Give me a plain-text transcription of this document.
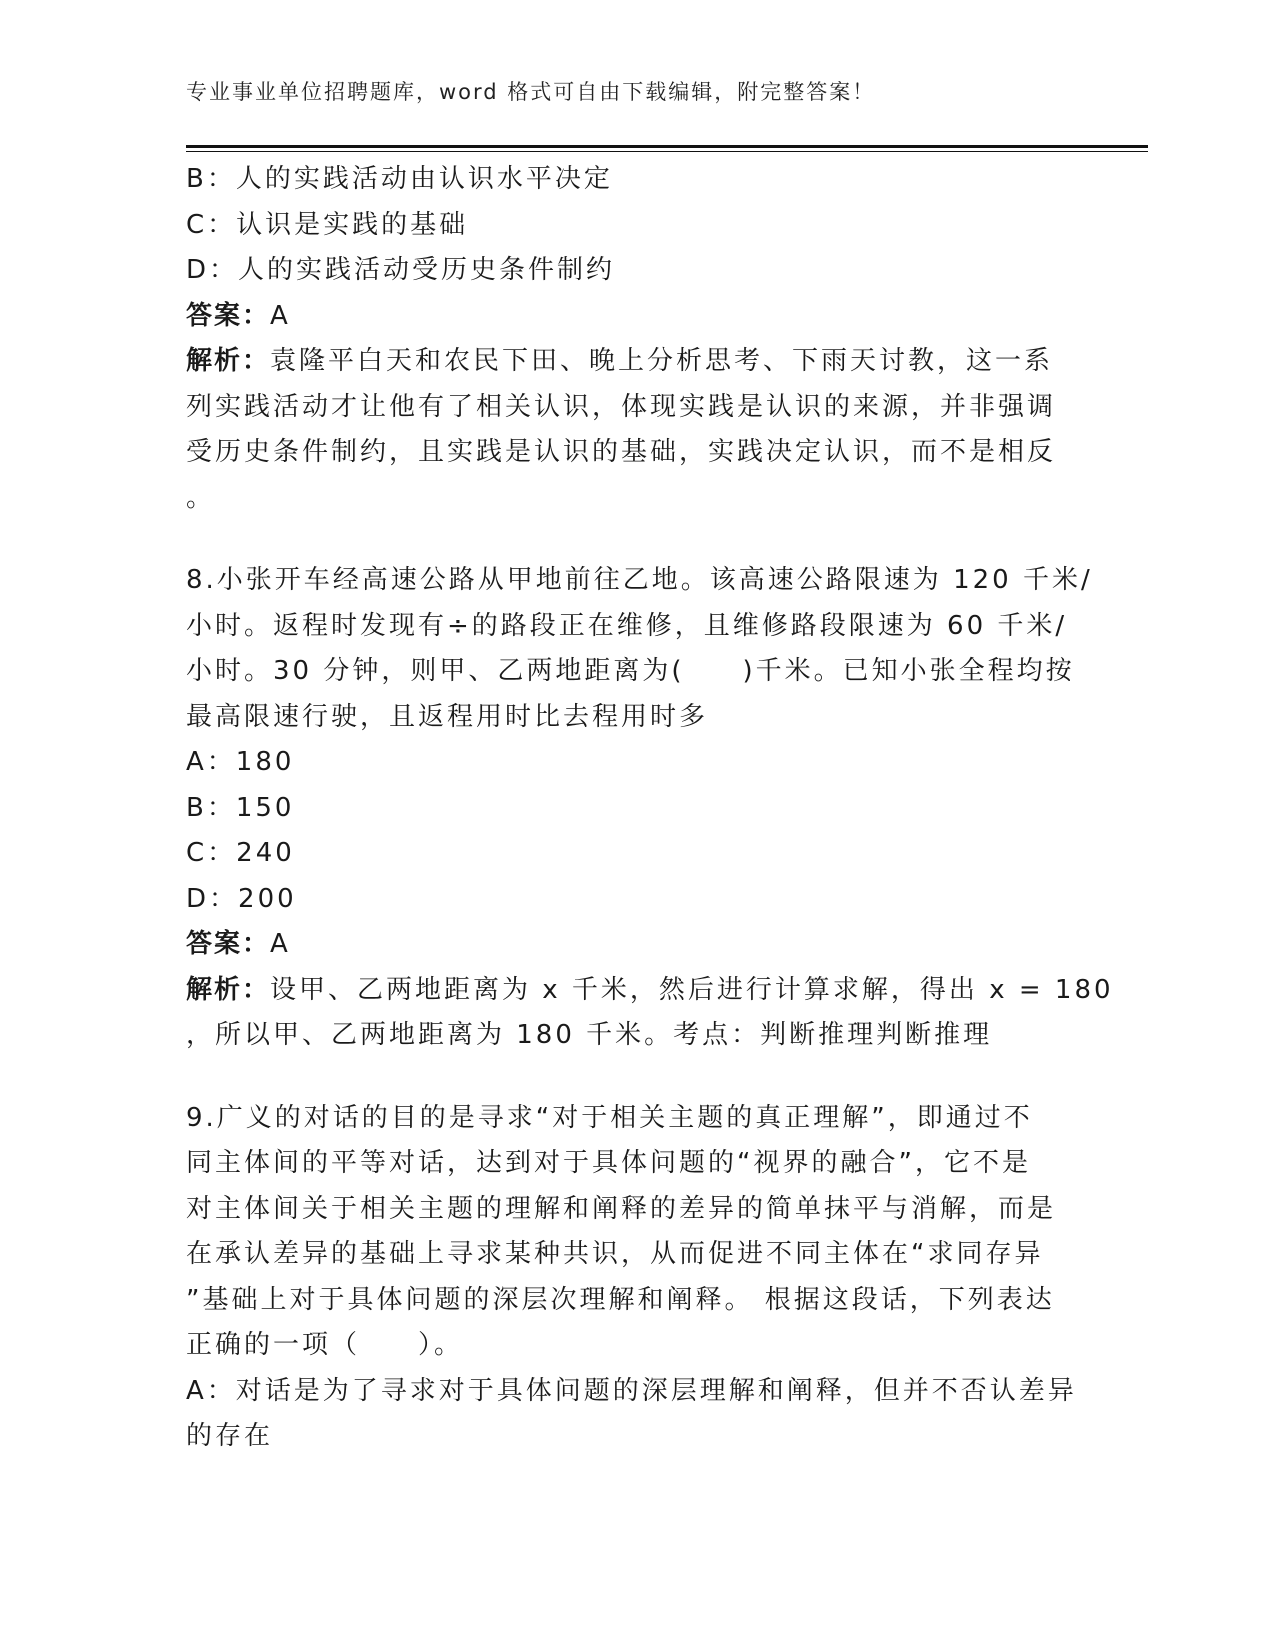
专业事业单位招聘题库，word 格式可自由下载编辑，附完整答案！
B：人的实践活动由认识水平决定
C：认识是实践的基础
D：人的实践活动受历史条件制约
答案：A
解析：袁隆平白天和农民下田、晚上分析思考、下雨天讨教，这一系
列实践活动才让他有了相关认识，体现实践是认识的来源，并非强调
受历史条件制约，且实践是认识的基础，实践决定认识，而不是相反
。
8.小张开车经高速公路从甲地前往乙地。该高速公路限速为 120 千米/
小时。返程时发现有÷的路段正在维修，且维修路段限速为 60 千米/
小时。30 分钟，则甲、乙两地距离为(　　)千米。已知小张全程均按
最高限速行驶，且返程用时比去程用时多
A：180
B：150
C：240
D：200
答案：A
解析：设甲、乙两地距离为 x 千米，然后进行计算求解，得出 x = 180
，所以甲、乙两地距离为 180 千米。考点：判断推理判断推理
9.广义的对话的目的是寻求“对于相关主题的真正理解”，即通过不
同主体间的平等对话，达到对于具体问题的“视界的融合”，它不是
对主体间关于相关主题的理解和阐释的差异的简单抹平与消解，而是
在承认差异的基础上寻求某种共识，从而促进不同主体在“求同存异
”基础上对于具体问题的深层次理解和阐释。 根据这段话，下列表达
正确的一项（　　）。
A：对话是为了寻求对于具体问题的深层理解和阐释，但并不否认差异
的存在
